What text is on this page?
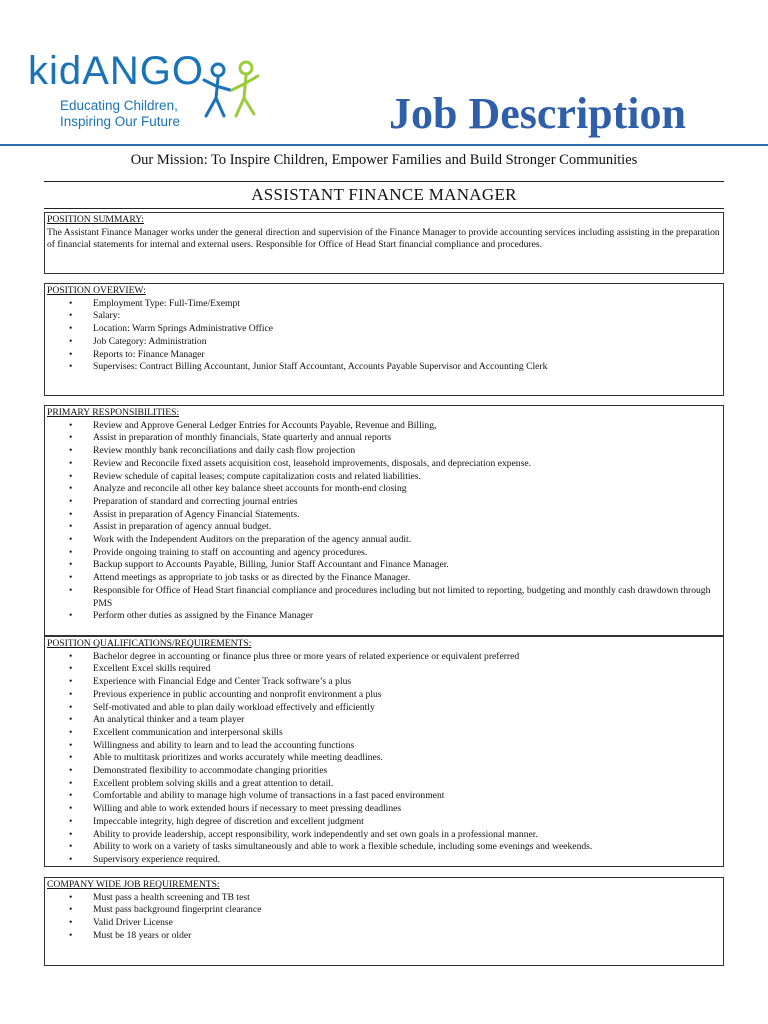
kidANGO
Educating Children,
Inspiring Our Future	Job Description
Our Mission: To Inspire Children, Empower Families and Build Stronger Communities
ASSISTANT FINANCE MANAGER
POSITION SUMMARY:

The Assistant Finance Manager works under the general direction and supervision of the Finance Manager to provide accounting services including assisting in the preparation of financial statements for internal and external users. Responsible for Office of Head Start financial compliance and procedures.

POSITION OVERVIEW:
• Employment Type: Full-Time/Exempt
• Salary:
• Location: Warm Springs Administrative Office
• Job Category: Administration
• Reports to: Finance Manager
• Supervises: Contract Billing Accountant, Junior Staff Accountant, Accounts Payable Supervisor and Accounting Clerk
PRIMARY RESPONSIBILITIES:
• Review and Approve General Ledger Entries for Accounts Payable, Revenue and Billing,
• Assist in preparation of monthly financials, State quarterly and annual reports
• Review monthly bank reconciliations and daily cash flow projection
• Review and Reconcile fixed assets acquisition cost, leasehold improvements, disposals, and depreciation expense.
• Review schedule of capital leases; compute capitalization costs and related liabilities.
• Analyze and reconcile all other key balance sheet accounts for month-end closing
• Preparation of standard and correcting journal entries
• Assist in preparation of Agency Financial Statements.
• Assist in preparation of agency annual budget.
• Work with the Independent Auditors on the preparation of the agency annual audit.
• Provide ongoing training to staff on accounting and agency procedures.
• Backup support to Accounts Payable, Billing, Junior Staff Accountant and Finance Manager.
• Attend meetings as appropriate to job tasks or as directed by the Finance Manager.
• Responsible for Office of Head Start financial compliance and procedures including but not limited to reporting, budgeting and monthly cash drawdown through PMS
• Perform other duties as assigned by the Finance Manager
POSITION QUALIFICATIONS/REQUIREMENTS:
• Bachelor degree in accounting or finance plus three or more years of related experience or equivalent preferred
• Excellent Excel skills required
• Experience with Financial Edge and Center Track software’s a plus
• Previous experience in public accounting and nonprofit environment a plus
• Self-motivated and able to plan daily workload effectively and efficiently
• An analytical thinker and a team player
• Excellent communication and interpersonal skills
• Willingness and ability to learn and to lead the accounting functions
• Able to multitask prioritizes and works accurately while meeting deadlines.
• Demonstrated flexibility to accommodate changing priorities
• Excellent problem solving skills and a great attention to detail.
• Comfortable and ability to manage high volume of transactions in a fast paced environment
• Willing and able to work extended hours if necessary to meet pressing deadlines
• Impeccable integrity, high degree of discretion and excellent judgment
• Ability to provide leadership, accept responsibility, work independently and set own goals in a professional manner.
• Ability to work on a variety of tasks simultaneously and able to work a flexible schedule, including some evenings and weekends.
• Supervisory experience required.
COMPANY WIDE JOB REQUIREMENTS:
• Must pass a health screening and TB test
• Must pass background fingerprint clearance
• Valid Driver License
• Must be 18 years or older
